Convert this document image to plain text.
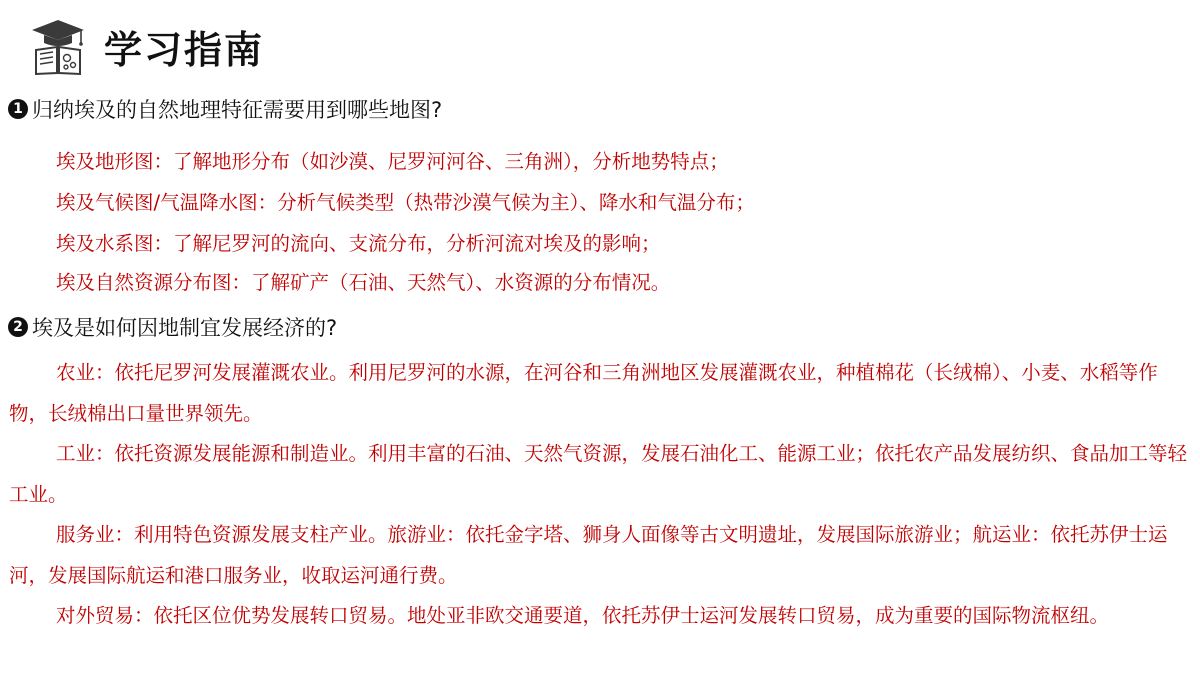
学习指南
1 归纳埃及的自然地理特征需要用到哪些地图?
埃及地形图：了解地形分布（如沙漠、尼罗河河谷、三角洲），分析地势特点；
埃及气候图/气温降水图：分析气候类型（热带沙漠气候为主）、降水和气温分布；
埃及水系图：了解尼罗河的流向、支流分布，分析河流对埃及的影响；
埃及自然资源分布图：了解矿产（石油、天然气）、水资源的分布情况。
2 埃及是如何因地制宜发展经济的?
农业：依托尼罗河发展灌溉农业。利用尼罗河的水源，在河谷和三角洲地区发展灌溉农业，种植棉花（长绒棉）、小麦、水稻等作物，长绒棉出口量世界领先。
工业：依托资源发展能源和制造业。利用丰富的石油、天然气资源，发展石油化工、能源工业；依托农产品发展纺织、食品加工等轻工业。
服务业：利用特色资源发展支柱产业。旅游业：依托金字塔、狮身人面像等古文明遗址，发展国际旅游业；航运业：依托苏伊士运河，发展国际航运和港口服务业，收取运河通行费。
对外贸易：依托区位优势发展转口贸易。地处亚非欧交通要道，依托苏伊士运河发展转口贸易，成为重要的国际物流枢纽。
